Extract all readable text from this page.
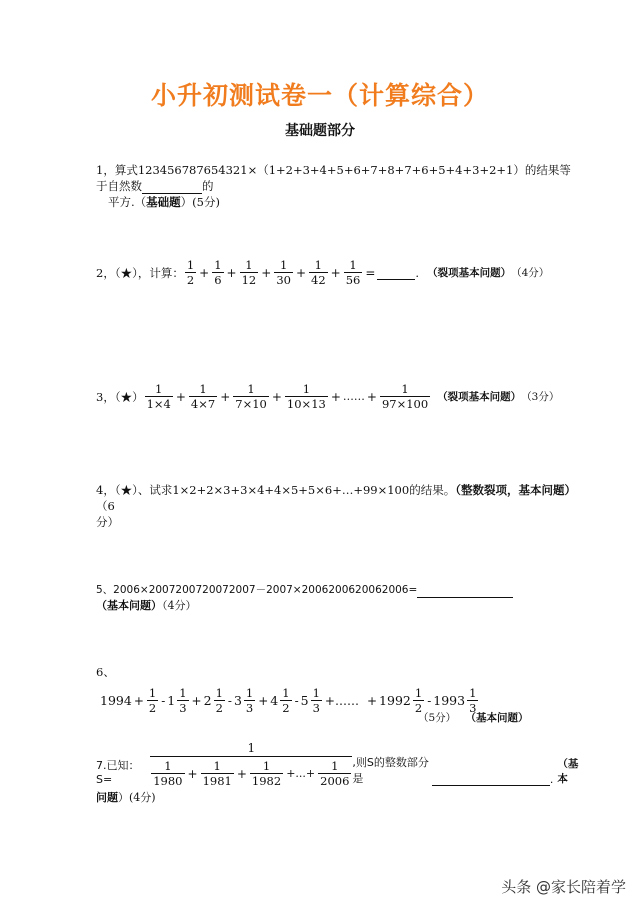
小升初测试卷一（计算综合）
基础题部分
1，算式123456787654321×（1+2+3+4+5+6+7+8+7+6+5+4+3+2+1）的结果等于自然数	的
平方.（基础题）(5分)
2，（★），计算： $\frac{1}{2} + \frac{1}{6} + \frac{1}{12} + \frac{1}{30} + \frac{1}{42} + \frac{1}{56}$ =	. （裂项基本问题） （4分）
3，（★） $\frac{1}{1\times 4} + \frac{1}{4\times 7} + \frac{1}{7\times 10} + \frac{1}{10\times 13}$ + …… + $\frac{1}{97\times 100}$ （裂项基本问题） （3分）
4，（★）、试求1×2+2×3+3×4+4×5+5×6+…+99×100的结果。（整数裂项，基本问题）（6
分）
5、2006×2007200720072007－2007×2006200620062006=
（基本问题）（4分）
6、
$1994 + \frac{1}{2} - 1 \frac{1}{3} + 2 \frac{1}{2} - 3 \frac{1}{3} + 4 \frac{1}{2} - 5 \frac{1}{3}$ +…… + $1992 \frac{1}{2} - 1993 \frac{1}{3}$
（5分） （基本问题）
7.已知：S=
1
$\frac{1}{1980} + \frac{1}{1981} + \frac{1}{1982}$ +...+ $\frac{1}{2006}$ ,则S的整数部分是	.
（基本
问题）(4分)
头条 @家长陪着学
